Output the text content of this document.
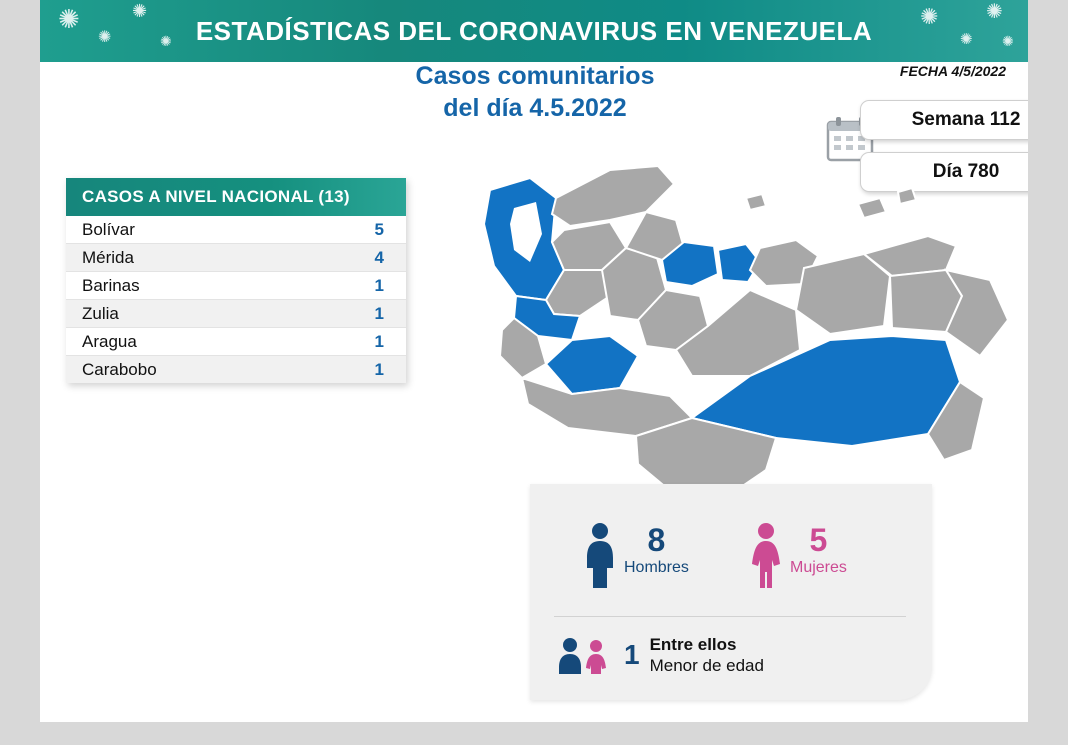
✺
✺
✺
✺
✺
✺
✺
✺
ESTADÍSTICAS DEL CORONAVIRUS EN VENEZUELA
Casos comunitarios
del día 4.5.2022
FECHA 4/5/2022
Semana 112
Día 780
CASOS A NIVEL NACIONAL (13)
Bolívar	5
Mérida	4
Barinas	1
Zulia	1
Aragua	1
Carabobo	1
8
Hombres
5
Mujeres
1 Entre ellos
Menor de edad
